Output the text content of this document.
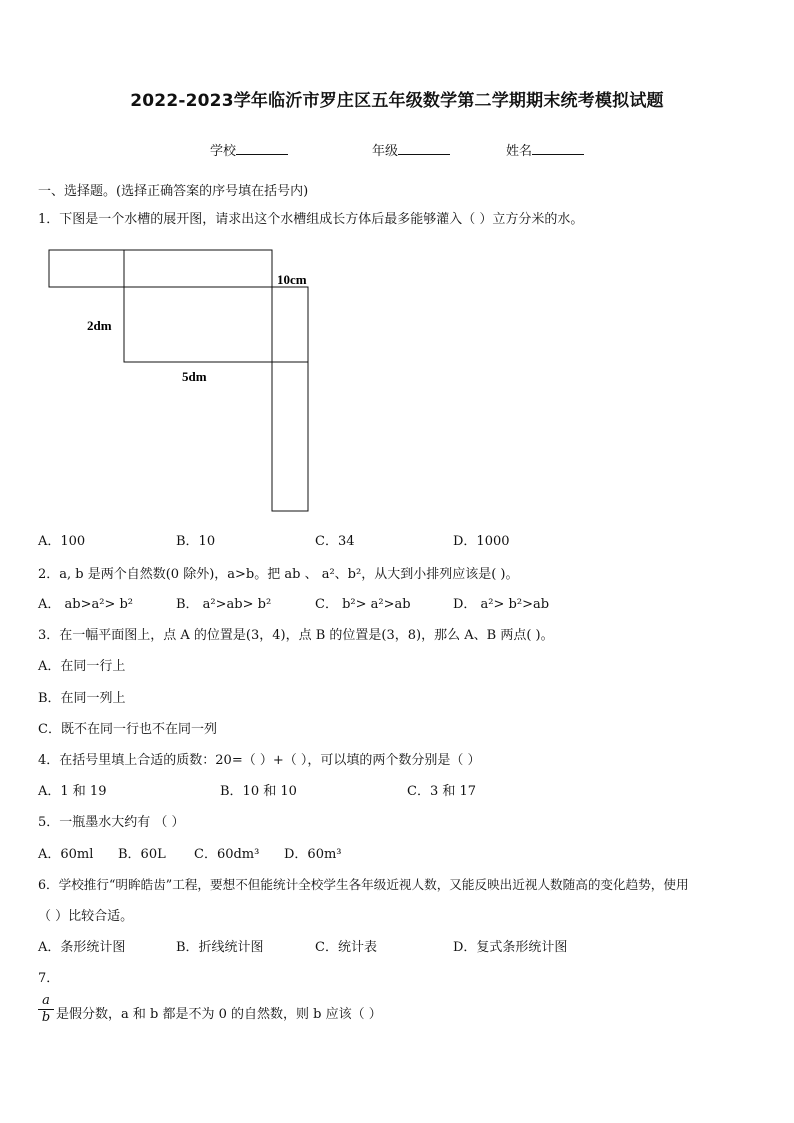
2022-2023学年临沂市罗庄区五年级数学第二学期期末统考模拟试题
学校	年级	姓名
一、选择题。(选择正确答案的序号填在括号内)
1．下图是一个水槽的展开图，请求出这个水槽组成长方体后最多能够灌入（ ）立方分米的水。
10cm
2dm
5dm
A．100	B．10	C．34	D．1000
2．a, b 是两个自然数(0 除外)，a>b。把 ab 、 a²、b²，从大到小排列应该是( )。
A． ab>a²> b²	B． a²>ab> b²	C． b²> a²>ab	D． a²> b²>ab
3．在一幅平面图上，点 A 的位置是(3，4)，点 B 的位置是(3，8)，那么 A、B 两点( )。
A．在同一行上
B．在同一列上
C．既不在同一行也不在同一列
4．在括号里填上合适的质数：20=（ ）+（ ），可以填的两个数分别是（ ）
A．1 和 19	B．10 和 10	C．3 和 17
5．一瓶墨水大约有 （ ）
A．60ml B．60L C．60dm³ D．60m³
6．学校推行“明眸皓齿”工程，要想不但能统计全校学生各年级近视人数，又能反映出近视人数随高的变化趋势，使用
（ ）比较合适。
A．条形统计图	B．折线统计图	C．统计表	D．复式条形统计图
7．
a
b 是假分数，a 和 b 都是不为 0 的自然数，则 b 应该（ ）
